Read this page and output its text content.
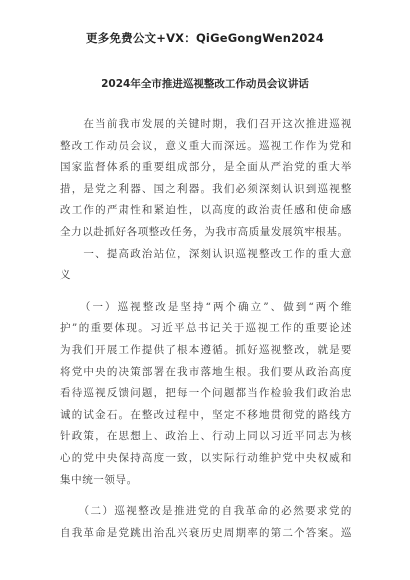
更多免费公文+VX：QiGeGongWen2024
2024年全市推进巡视整改工作动员会议讲话
　　在当前我市发展的关键时期，我们召开这次推进巡视
整改工作动员会议，意义重大而深远。巡视工作作为党和
国家监督体系的重要组成部分，是全面从严治党的重大举
措，是党之利器、国之利器。我们必须深刻认识到巡视整
改工作的严肃性和紧迫性，以高度的政治责任感和使命感
全力以赴抓好各项整改任务，为我市高质量发展筑牢根基。
　　一、提高政治站位，深刻认识巡视整改工作的重大意
义
　　（一）巡视整改是坚持“两个确立”、做到“两个维
护”的重要体现。习近平总书记关于巡视工作的重要论述
为我们开展工作提供了根本遵循。抓好巡视整改，就是要
将党中央的决策部署在我市落地生根。我们要从政治高度
看待巡视反馈问题，把每一个问题都当作检验我们政治忠
诚的试金石。在整改过程中，坚定不移地贯彻党的路线方
针政策，在思想上、政治上、行动上同以习近平同志为核
心的党中央保持高度一致，以实际行动维护党中央权威和
集中统一领导。
　　（二）巡视整改是推进党的自我革命的必然要求党的
自我革命是党跳出治乱兴衰历史周期率的第二个答案。巡
